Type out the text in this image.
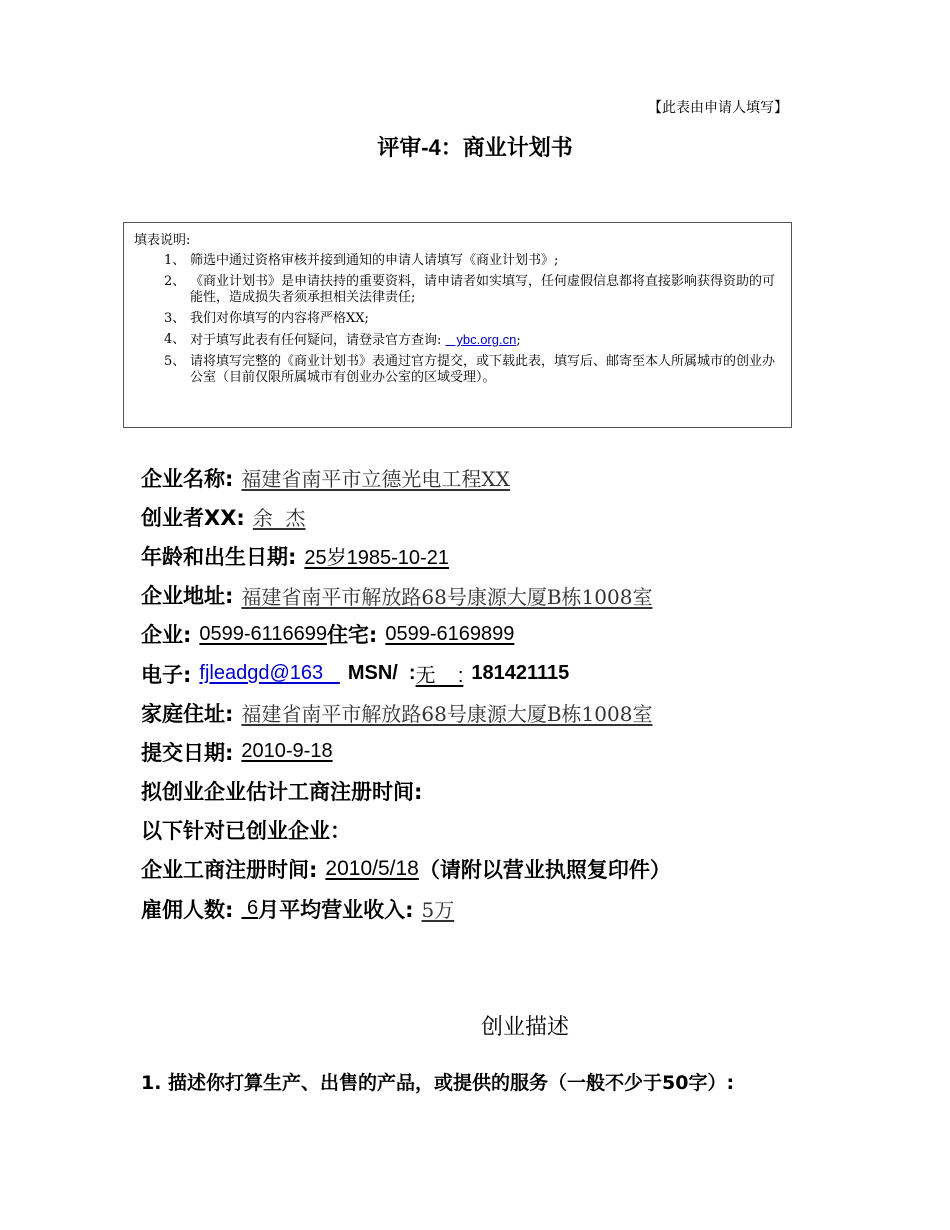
【此表由申请人填写】
评审-4：商业计划书
填表说明:
1、 筛选中通过资格审核并接到通知的申请人请填写《商业计划书》;
2、 《商业计划书》是申请扶持的重要资料，请申请者如实填写，任何虚假信息都将直接影响获得资助的可能性，造成损失者须承担相关法律责任;
3、 我们对你填写的内容将严格XX;
4、 对于填写此表有任何疑问，请登录官方查询:    ybc.org.cn;
5、 请将填写完整的《商业计划书》表通过官方提交，或下载此表，填写后、邮寄至本人所属城市的创业办公室（目前仅限所属城市有创业办公室的区域受理）。
企业名称: 福建省南平市立德光电工程XX
创业者XX: 余  杰
年龄和出生日期: 25岁1985-10-21
企业地址: 福建省南平市解放路68号康源大厦B栋1008室
企业: 0599-6116699 住宅: 0599-6169899
电子: fjleadgd@163 MSN/  : 无    : 181421115
家庭住址: 福建省南平市解放路68号康源大厦B栋1008室
提交日期: 2010-9-18
拟创业企业估计工商注册时间:
以下针对已创业企业：
企业工商注册时间: 2010/5/18 （请附以营业执照复印件）
雇佣人数: 6 月平均营业收入: 5万
创业描述
1. 描述你打算生产、出售的产品，或提供的服务（一般不少于50字）:
